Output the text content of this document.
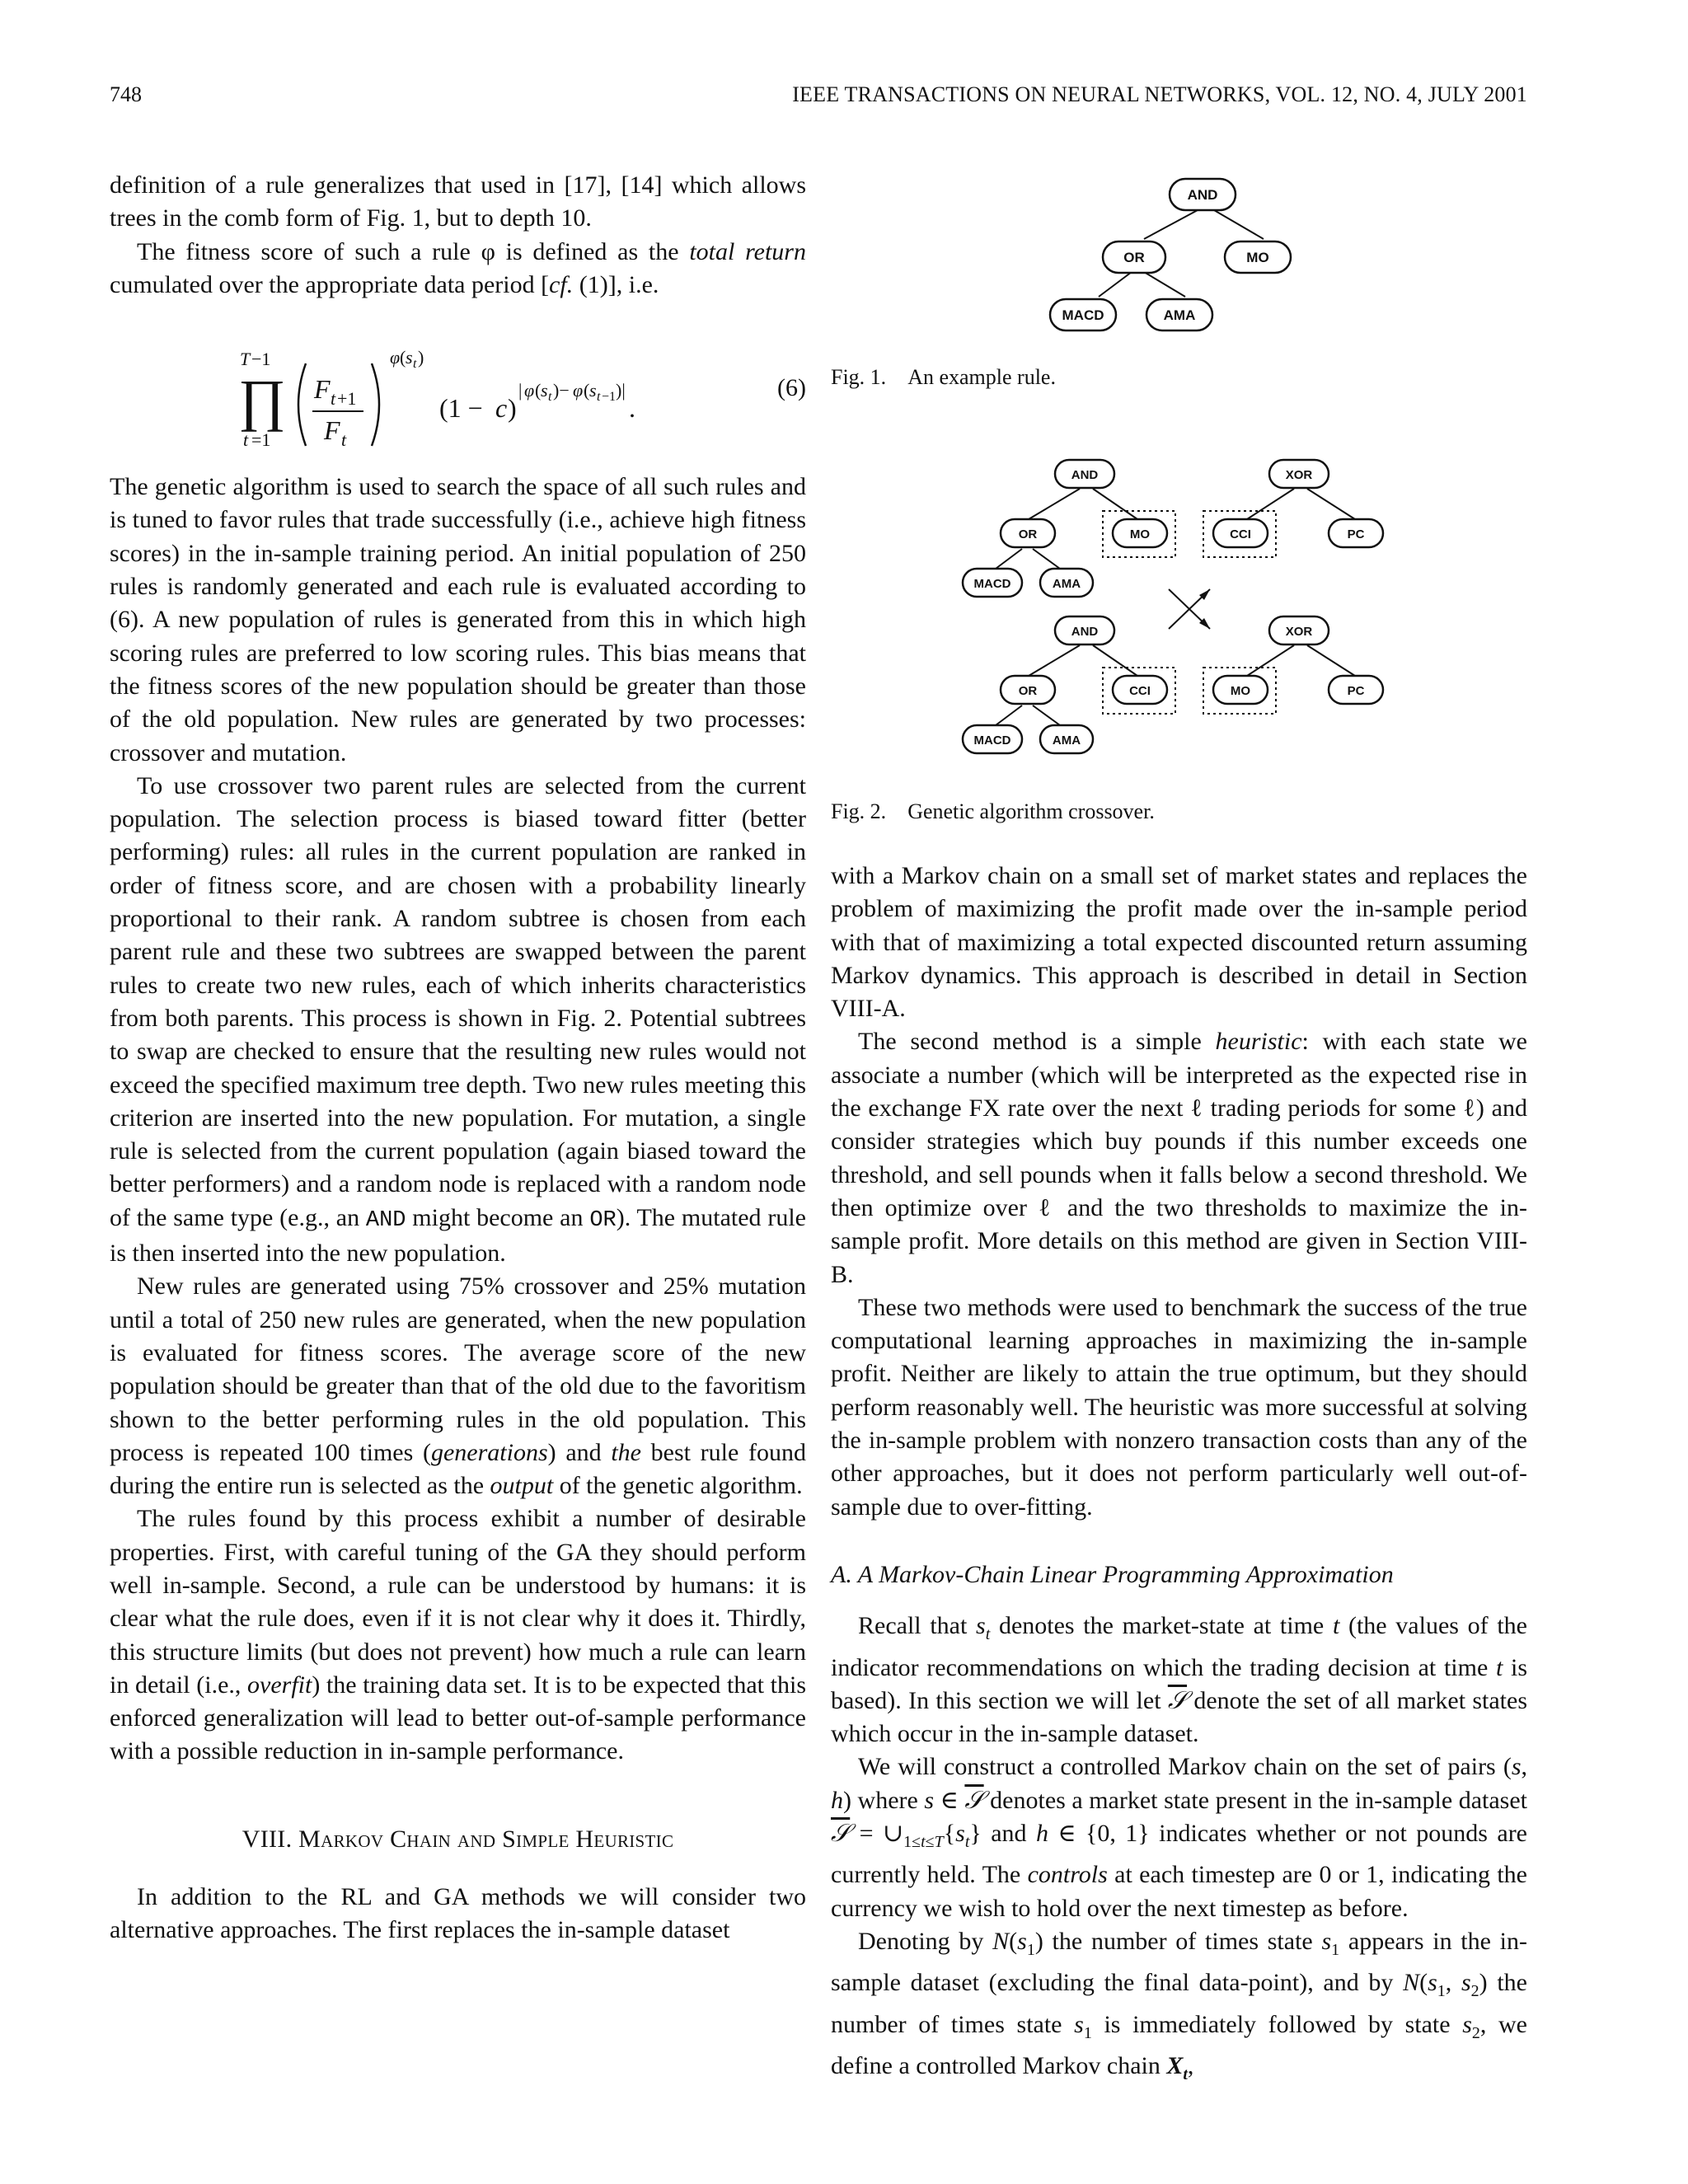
748	IEEE TRANSACTIONS ON NEURAL NETWORKS, VOL. 12, NO. 4, JULY 2001

definition of a rule generalizes that used in [17], [14] which allows trees in the comb form of Fig. 1, but to depth 10.

The fitness score of such a rule φ is defined as the total return cumulated over the appropriate data period [cf. (1)], i.e.

T −1
∏
t =1
F t +1
F t
φ ( s t )
(1 − c )
| φ ( s t )− φ ( s t −1 )|
.
(6)

The genetic algorithm is used to search the space of all such rules and is tuned to favor rules that trade successfully (i.e., achieve high fitness scores) in the in-sample training period. An initial population of 250 rules is randomly generated and each rule is evaluated according to (6). A new population of rules is generated from this in which high scoring rules are preferred to low scoring rules. This bias means that the fitness scores of the new population should be greater than those of the old population. New rules are generated by two processes: crossover and mutation.

To use crossover two parent rules are selected from the current population. The selection process is biased toward fitter (better performing) rules: all rules in the current population are ranked in order of fitness score, and are chosen with a probability linearly proportional to their rank. A random subtree is chosen from each parent rule and these two subtrees are swapped between the parent rules to create two new rules, each of which inherits characteristics from both parents. This process is shown in Fig. 2. Potential subtrees to swap are checked to ensure that the resulting new rules would not exceed the specified maximum tree depth. Two new rules meeting this criterion are inserted into the new population. For mutation, a single rule is selected from the current population (again biased toward the better performers) and a random node is replaced with a random node of the same type (e.g., an AND might become an OR). The mutated rule is then inserted into the new population.

New rules are generated using 75% crossover and 25% mutation until a total of 250 new rules are generated, when the new population is evaluated for fitness scores. The average score of the new population should be greater than that of the old due to the favoritism shown to the better performing rules in the old population. This process is repeated 100 times (generations) and the best rule found during the entire run is selected as the output of the genetic algorithm.

The rules found by this process exhibit a number of desirable properties. First, with careful tuning of the GA they should perform well in-sample. Second, a rule can be understood by humans: it is clear what the rule does, even if it is not clear why it does it. Thirdly, this structure limits (but does not prevent) how much a rule can learn in detail (i.e., overfit) the training data set. It is to be expected that this enforced generalization will lead to better out-of-sample performance with a possible reduction in in-sample performance.

VIII. Markov Chain and Simple Heuristic

In addition to the RL and GA methods we will consider two alternative approaches. The first replaces the in-sample dataset

AND
OR	MO
MACD	AMA
Fig. 1. An example rule.
AND
OR	MO
MACD	AMA
XOR
CCI	PC
AND
OR	CCI
MACD	AMA
XOR
MO	PC
Fig. 2. Genetic algorithm crossover.

with a Markov chain on a small set of market states and replaces the problem of maximizing the profit made over the in-sample period with that of maximizing a total expected discounted return assuming Markov dynamics. This approach is described in detail in Section VIII-A.

The second method is a simple heuristic: with each state we associate a number (which will be interpreted as the expected rise in the exchange FX rate over the next ℓ trading periods for some ℓ) and consider strategies which buy pounds if this number exceeds one threshold, and sell pounds when it falls below a second threshold. We then optimize over ℓ and the two thresholds to maximize the in-sample profit. More details on this method are given in Section VIII-B.

These two methods were used to benchmark the success of the true computational learning approaches in maximizing the in-sample profit. Neither are likely to attain the true optimum, but they should perform reasonably well. The heuristic was more successful at solving the in-sample problem with nonzero transaction costs than any of the other approaches, but it does not perform particularly well out-of-sample due to over-fitting.

A. A Markov-Chain Linear Programming Approximation

Recall that $s_t$ denotes the market-state at time t (the values of the indicator recommendations on which the trading decision at time t is based). In this section we will let 𝒮 denote the set of all market states which occur in the in-sample dataset.

We will construct a controlled Markov chain on the set of pairs (s, h) where s ∈ 𝒮 denotes a market state present in the in-sample dataset 𝒮 = $\cup_{1\le t\le T}\{s_t\}$ and h ∈ {0, 1} indicates whether or not pounds are currently held. The controls at each timestep are 0 or 1, indicating the currency we wish to hold over the next timestep as before.

Denoting by $N(s_1)$ the number of times state $s_1$ appears in the in-sample dataset (excluding the final data-point), and by $N(s_1$, $s_2$) the number of times state $s_1$ is immediately followed by state $s_2$, we define a controlled Markov chain $X_t$,
